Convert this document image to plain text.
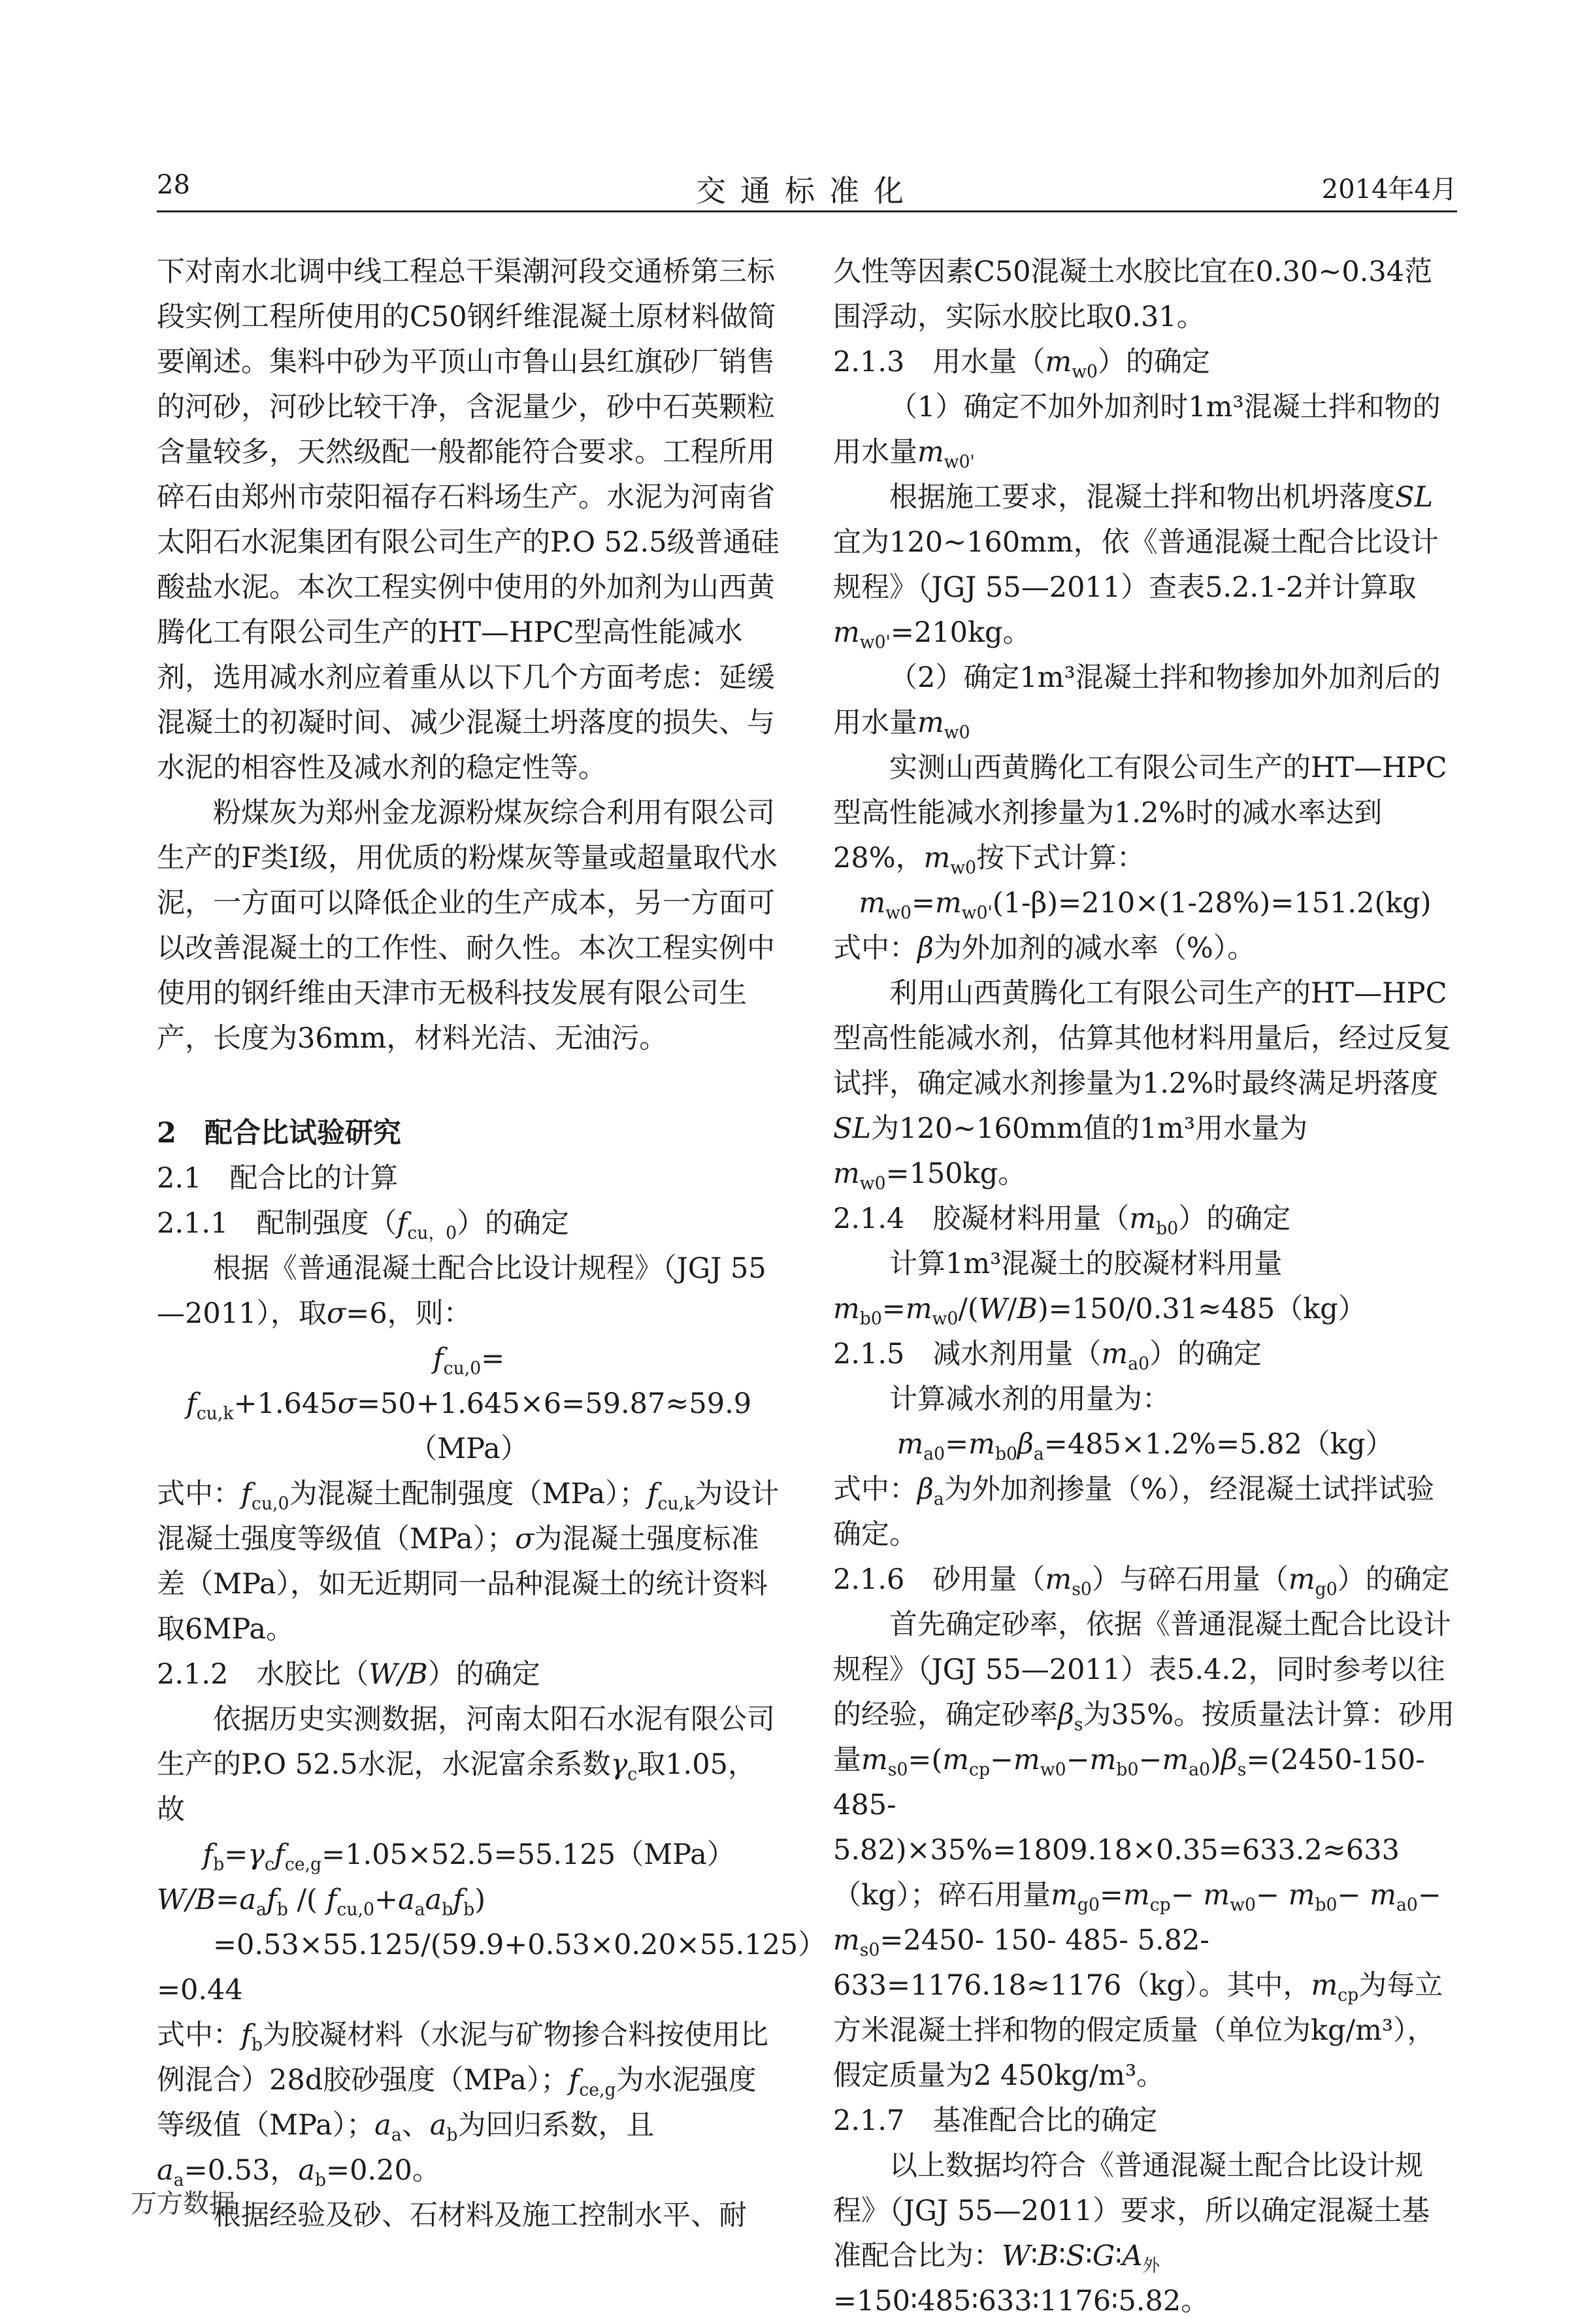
28	交通标准化	2014年4月

下对南水北调中线工程总干渠潮河段交通桥第三标段实例工程所使用的C50钢纤维混凝土原材料做简要阐述。集料中砂为平顶山市鲁山县红旗砂厂销售的河砂，河砂比较干净，含泥量少，砂中石英颗粒含量较多，天然级配一般都能符合要求。工程所用碎石由郑州市荥阳福存石料场生产。水泥为河南省太阳石水泥集团有限公司生产的P.O 52.5级普通硅酸盐水泥。本次工程实例中使用的外加剂为山西黄腾化工有限公司生产的HT—HPC型高性能减水剂，选用减水剂应着重从以下几个方面考虑：延缓混凝土的初凝时间、减少混凝土坍落度的损失、与水泥的相容性及减水剂的稳定性等。

粉煤灰为郑州金龙源粉煤灰综合利用有限公司生产的F类I级，用优质的粉煤灰等量或超量取代水泥，一方面可以降低企业的生产成本，另一方面可以改善混凝土的工作性、耐久性。本次工程实例中使用的钢纤维由天津市无极科技发展有限公司生产，长度为36mm，材料光洁、无油污。

2　配合比试验研究

2.1　配合比的计算

2.1.1　配制强度$(f_{cu,0})$的确定

根据《普通混凝土配合比设计规程》（JGJ 55—2011），取σ=6，则：

$f_{cu,0}= f_{cu,k}+1.645\sigma=50+1.645\times 6=59.87\approx 59.9(MPa)$

式中：$f_{cu,0}$为混凝土配制强度（MPa）；$f_{cu,k}$为设计混凝土强度等级值（MPa）；σ为混凝土强度标准差（MPa），如无近期同一品种混凝土的统计资料取6MPa。

2.1.2　水胶比（W/B）的确定

依据历史实测数据，河南太阳石水泥有限公司生产的P.O 52.5水泥，水泥富余系数$\gamma_c$取1.05，故

$f_b=\gamma_cf_{ce,g}=1.05\times 52.5=55.125(MPa)$

$W/B=a_af_b$ /( $f_{cu,0}+a_aa_bf_b$)

=0.53×55.125/(59.9+0.53×0.20×55.125）=0.44

式中：$f_b$为胶凝材料（水泥与矿物掺合料按使用比例混合）28d胶砂强度（MPa）；$f_{ce,g}$为水泥强度等级值（MPa）；$a_a$、$a_b$为回归系数，且$a_a=0.53$，$a_b=0.20$。

根据经验及砂、石材料及施工控制水平、耐

久性等因素C50混凝土水胶比宜在0.30~0.34范围浮动，实际水胶比取0.31。

2.1.3　用水量$(m_{w0})$的确定

（1）确定不加外加剂时1m³混凝土拌和物的用水量$m_{w0'}$

根据施工要求，混凝土拌和物出机坍落度SL宜为120~160mm，依《普通混凝土配合比设计规程》（JGJ 55—2011）查表5.2.1-2并计算取$m_{w0'}=210kg$。

（2）确定1m³混凝土拌和物掺加外加剂后的用水量$m_{w0}$

实测山西黄腾化工有限公司生产的HT—HPC型高性能减水剂掺量为1.2%时的减水率达到28%，$m_{w0}$按下式计算：

$m_{w0}=m_{w0'}(1-\beta)=210\times(1-28\%)=151.2(kg)$

式中：β为外加剂的减水率（%）。

利用山西黄腾化工有限公司生产的HT—HPC型高性能减水剂，估算其他材料用量后，经过反复试拌，确定减水剂掺量为1.2%时最终满足坍落度SL为120~160mm值的1m³用水量为$m_{w0}=150kg$。

2.1.4　胶凝材料用量$(m_{b0})$的确定

计算1m³混凝土的胶凝材料用量$m_{b0}=m_{w0}/(W/B)=150/0.31\approx 485(kg)$

2.1.5　减水剂用量$(m_{a0})$的确定

计算减水剂的用量为：

$m_{a0}=m_{b0}\beta_a=485\times 1.2\%=5.82(kg)$

式中：$\beta_a$为外加剂掺量（%），经混凝土试拌试验确定。

2.1.6　砂用量$(m_{s0})$与碎石用量$(m_{g0})$的确定

首先确定砂率，依据《普通混凝土配合比设计规程》（JGJ 55—2011）表5.4.2，同时参考以往的经验，确定砂率$\beta_s$为35%。按质量法计算：砂用量$m_{s0}=(m_{cp}-m_{w0}-m_{b0}-m_{a0})\beta_s=(2450-150-485-5.82)\times 35\%=1809.18\times 0.35=633.2\approx 633(kg)$；碎石用量$m_{g0}=m_{cp}- m_{w0}- m_{b0}- m_{a0}- m_{s0}=2450-$ 150- 485- 5.82- 633=1176.18≈1176（kg）。其中，$m_{cp}$为每立方米混凝土拌和物的假定质量（单位为kg/m³），假定质量为2 450kg/m³。

2.1.7　基准配合比的确定

以上数据均符合《普通混凝土配合比设计规程》（JGJ 55—2011）要求，所以确定混凝土基准配合比为：$W∶B∶S∶G∶A_外=150∶485∶633∶1176∶5.82$。

万方数据
